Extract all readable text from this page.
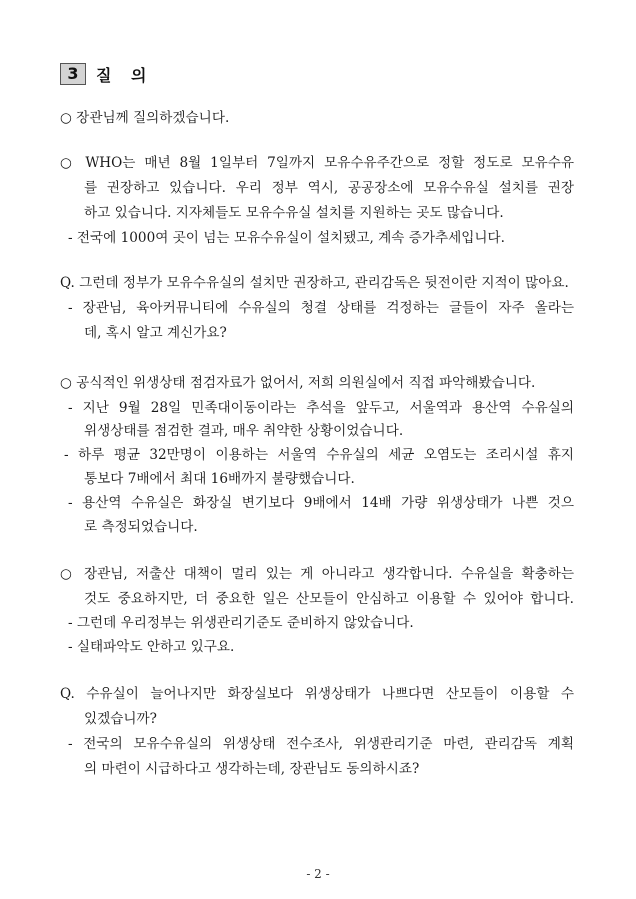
3	질 의
○ 장관님께 질의하겠습니다.
○ WHO는 매년 8월 1일부터 7일까지 모유수유주간으로 정할 정도로 모유수유
를 권장하고 있습니다. 우리 정부 역시, 공공장소에 모유수유실 설치를 권장
하고 있습니다. 지자체들도 모유수유실 설치를 지원하는 곳도 많습니다.
- 전국에 1000여 곳이 넘는 모유수유실이 설치됐고, 계속 증가추세입니다.
Q. 그런데 정부가 모유수유실의 설치만 권장하고, 관리감독은 뒷전이란 지적이 많아요.
- 장관님, 육아커뮤니티에 수유실의 청결 상태를 걱정하는 글들이 자주 올라는
데, 혹시 알고 계신가요?
○ 공식적인 위생상태 점검자료가 없어서, 저희 의원실에서 직접 파악해봤습니다.
- 지난 9월 28일 민족대이동이라는 추석을 앞두고, 서울역과 용산역 수유실의
위생상태를 점검한 결과, 매우 취약한 상황이었습니다.
- 하루 평균 32만명이 이용하는 서울역 수유실의 세균 오염도는 조리시설 휴지
통보다 7배에서 최대 16배까지 불량했습니다.
- 용산역 수유실은 화장실 변기보다 9배에서 14배 가량 위생상태가 나쁜 것으
로 측정되었습니다.
○ 장관님, 저출산 대책이 멀리 있는 게 아니라고 생각합니다. 수유실을 확충하는
것도 중요하지만, 더 중요한 일은 산모들이 안심하고 이용할 수 있어야 합니다.
- 그런데 우리정부는 위생관리기준도 준비하지 않았습니다.
- 실태파악도 안하고 있구요.
Q. 수유실이 늘어나지만 화장실보다 위생상태가 나쁘다면 산모들이 이용할 수
있겠습니까?
- 전국의 모유수유실의 위생상태 전수조사, 위생관리기준 마련, 관리감독 계획
의 마련이 시급하다고 생각하는데, 장관님도 동의하시죠?
- 2 -
